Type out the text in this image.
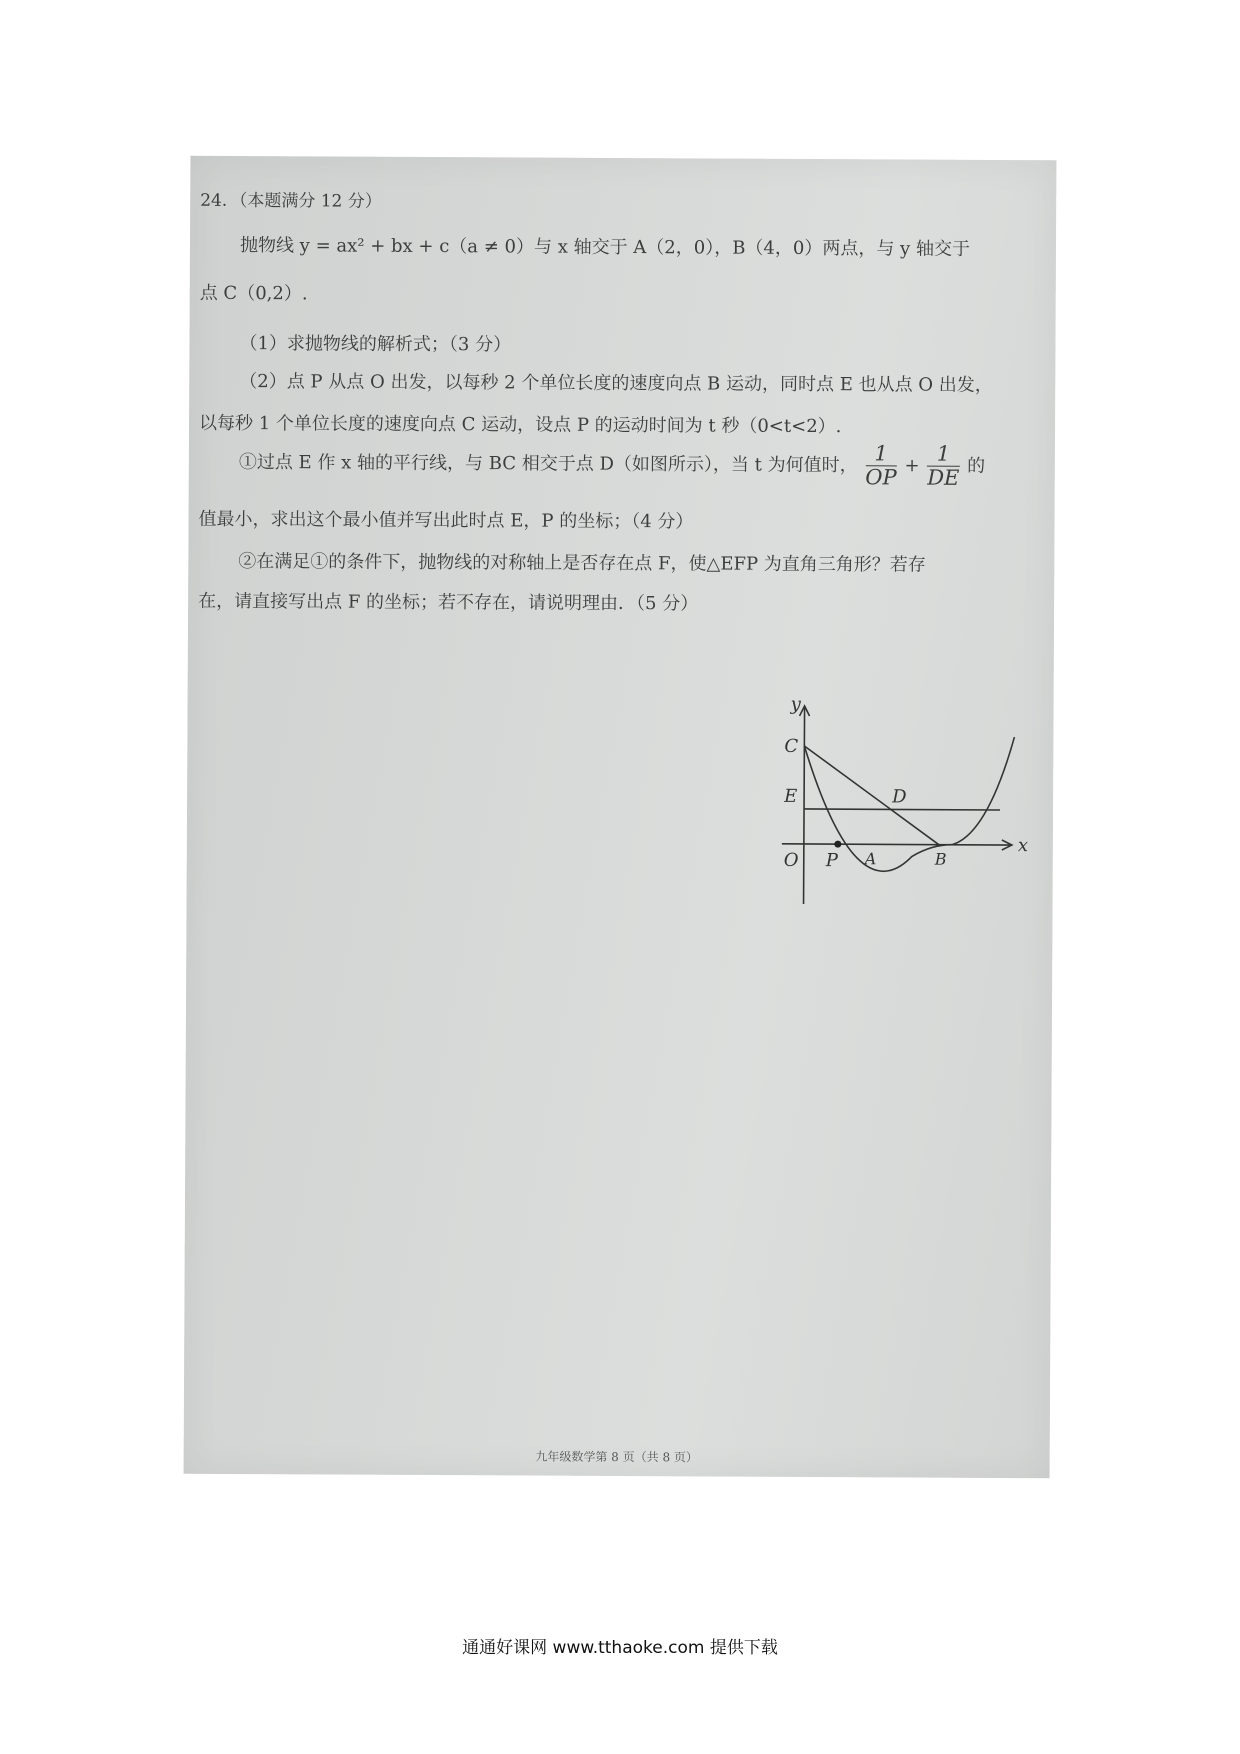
24．（本题满分 12 分）
抛物线 y = ax² + bx + c（a ≠ 0）与 x 轴交于 A（2，0），B（4，0）两点，与 y 轴交于
点 C（0,2）.
（1）求抛物线的解析式；（3 分）
（2）点 P 从点 O 出发，以每秒 2 个单位长度的速度向点 B 运动，同时点 E 也从点 O 出发，
以每秒 1 个单位长度的速度向点 C 运动，设点 P 的运动时间为 t 秒（0<t<2）.
①过点 E 作 x 轴的平行线，与 BC 相交于点 D（如图所示），当 t 为何值时， $\frac{1}{OP} + \frac{1}{DE}$ 的
值最小，求出这个最小值并写出此时点 E，P 的坐标；（4 分）
②在满足①的条件下，抛物线的对称轴上是否存在点 F，使△EFP 为直角三角形？若存
在，请直接写出点 F 的坐标；若不存在，请说明理由．（5 分）
y
x
C
E	D
O P A	B
九年级数学第 8 页（共 8 页）
通通好课网 www.tthaoke.com 提供下载
